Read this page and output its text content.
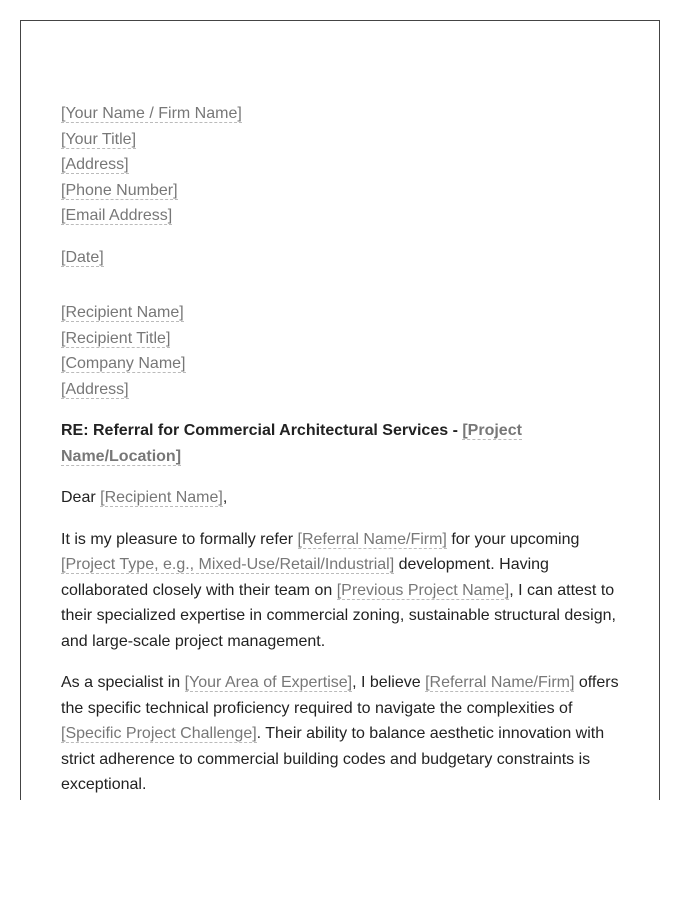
[Your Name / Firm Name]
[Your Title]
[Address]
[Phone Number]
[Email Address]
[Date]
[Recipient Name]
[Recipient Title]
[Company Name]
[Address]
RE: Referral for Commercial Architectural Services - [Project
Name/Location]
Dear [Recipient Name],
It is my pleasure to formally refer [Referral Name/Firm] for your upcoming
[Project Type, e.g., Mixed-Use/Retail/Industrial] development. Having
collaborated closely with their team on [Previous Project Name], I can attest to
their specialized expertise in commercial zoning, sustainable structural design,
and large-scale project management.
As a specialist in [Your Area of Expertise], I believe [Referral Name/Firm] offers
the specific technical proficiency required to navigate the complexities of
[Specific Project Challenge]. Their ability to balance aesthetic innovation with
strict adherence to commercial building codes and budgetary constraints is
exceptional.
